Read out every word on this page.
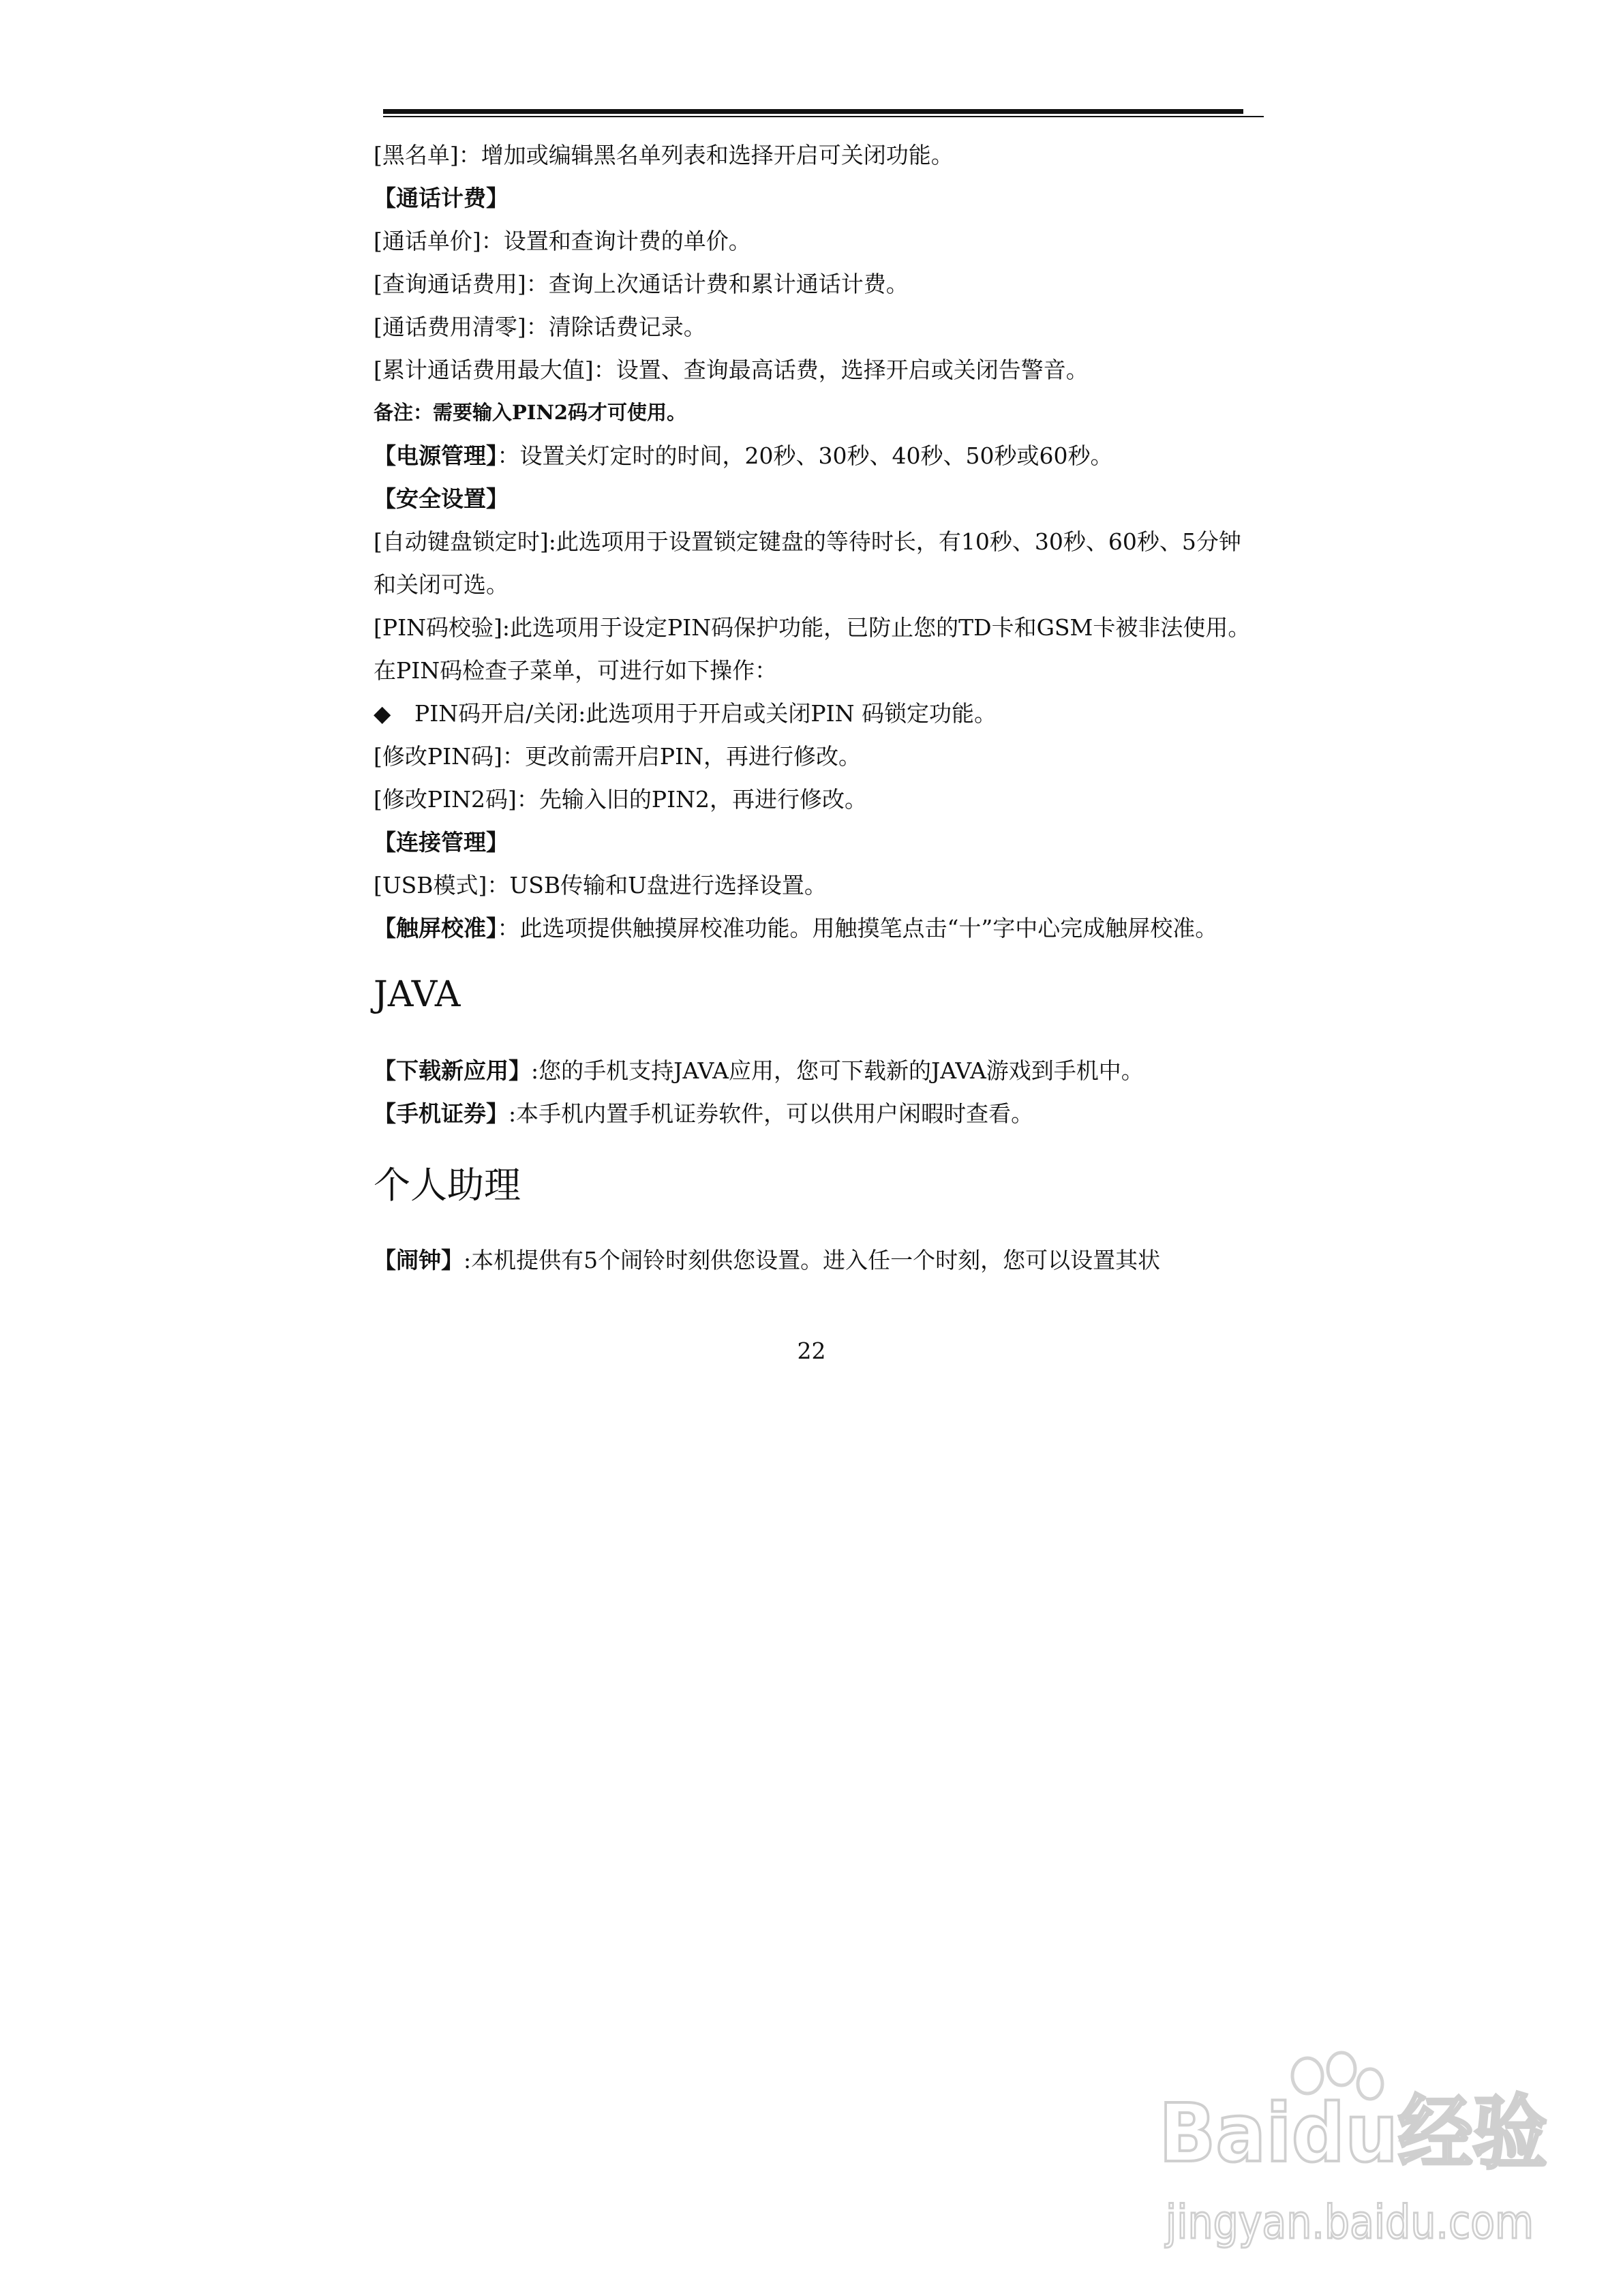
[黑名单]：增加或编辑黑名单列表和选择开启可关闭功能。
【通话计费】
[通话单价]：设置和查询计费的单价。
[查询通话费用]：查询上次通话计费和累计通话计费。
[通话费用清零]：清除话费记录。
[累计通话费用最大值]：设置、查询最高话费，选择开启或关闭告警音。
备注：需要输入PIN2码才可使用。
【电源管理】：设置关灯定时的时间，20秒、30秒、40秒、50秒或60秒。
【安全设置】
[自动键盘锁定时]:此选项用于设置锁定键盘的等待时长，有10秒、30秒、60秒、5分钟和关闭可选。
[PIN码校验]:此选项用于设定PIN码保护功能，已防止您的TD卡和GSM卡被非法使用。在PIN码检查子菜单，可进行如下操作：
◆ PIN码开启/关闭:此选项用于开启或关闭PIN 码锁定功能。
[修改PIN码]：更改前需开启PIN，再进行修改。
[修改PIN2码]：先输入旧的PIN2，再进行修改。
【连接管理】
[USB模式]：USB传输和U盘进行选择设置。
【触屏校准】：此选项提供触摸屏校准功能。用触摸笔点击“十”字中心完成触屏校准。
JAVA
【下载新应用】:您的手机支持JAVA应用，您可下载新的JAVA游戏到手机中。
【手机证券】:本手机内置手机证券软件，可以供用户闲暇时查看。
个人助理
【闹钟】:本机提供有5个闹铃时刻供您设置。进入任一个时刻，您可以设置其状
22
Baidu经验
jingyan.baidu.com
